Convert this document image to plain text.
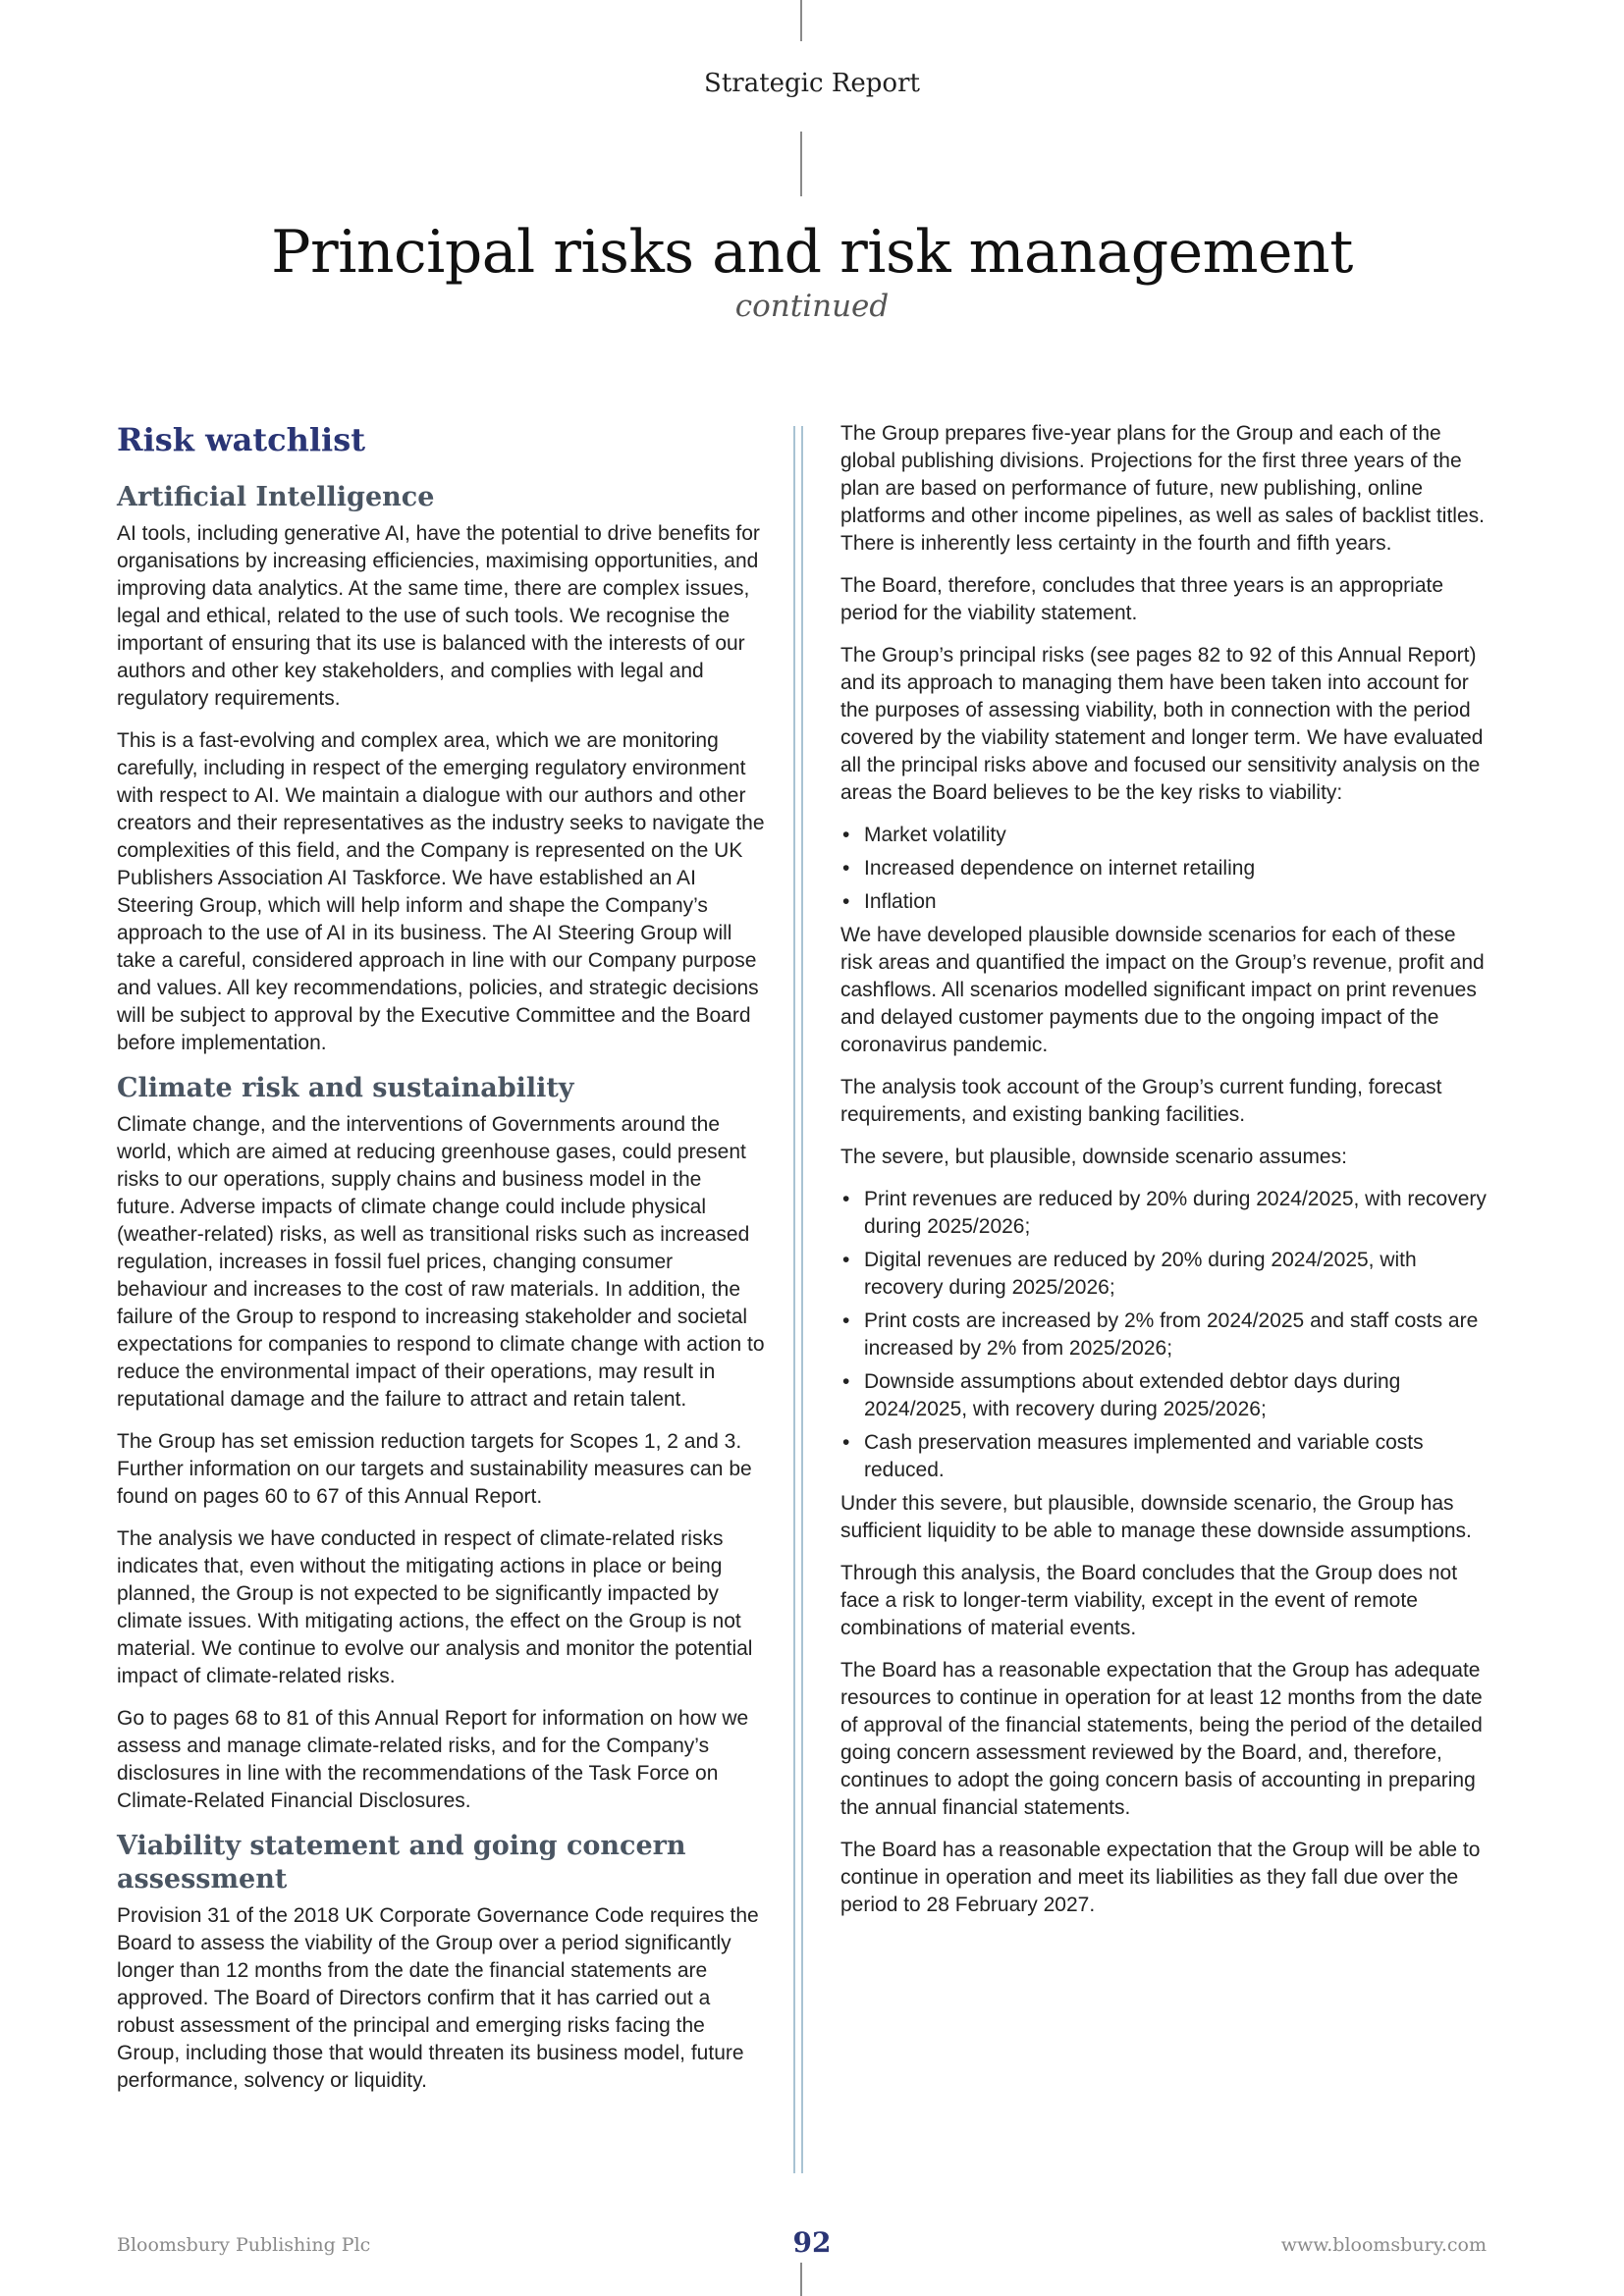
Strategic Report
Principal risks and risk management
continued
Risk watchlist
Artificial Intelligence

AI tools, including generative AI, have the potential to drive benefits for organisations by increasing efficiencies, maximising opportunities, and improving data analytics. At the same time, there are complex issues, legal and ethical, related to the use of such tools. We recognise the important of ensuring that its use is balanced with the interests of our authors and other key stakeholders, and complies with legal and regulatory requirements.

This is a fast-evolving and complex area, which we are monitoring carefully, including in respect of the emerging regulatory environment with respect to AI. We maintain a dialogue with our authors and other creators and their representatives as the industry seeks to navigate the complexities of this field, and the Company is represented on the UK Publishers Association AI Taskforce. We have established an AI Steering Group, which will help inform and shape the Company’s approach to the use of AI in its business. The AI Steering Group will take a careful, considered approach in line with our Company purpose and values. All key recommendations, policies, and strategic decisions will be subject to approval by the Executive Committee and the Board before implementation.

Climate risk and sustainability

Climate change, and the interventions of Governments around the world, which are aimed at reducing greenhouse gases, could present risks to our operations, supply chains and business model in the future. Adverse impacts of climate change could include physical (weather-related) risks, as well as transitional risks such as increased regulation, increases in fossil fuel prices, changing consumer behaviour and increases to the cost of raw materials. In addition, the failure of the Group to respond to increasing stakeholder and societal expectations for companies to respond to climate change with action to reduce the environmental impact of their operations, may result in reputational damage and the failure to attract and retain talent.

The Group has set emission reduction targets for Scopes 1, 2 and 3. Further information on our targets and sustainability measures can be found on pages 60 to 67 of this Annual Report.

The analysis we have conducted in respect of climate-related risks indicates that, even without the mitigating actions in place or being planned, the Group is not expected to be significantly impacted by climate issues. With mitigating actions, the effect on the Group is not material. We continue to evolve our analysis and monitor the potential impact of climate-related risks.

Go to pages 68 to 81 of this Annual Report for information on how we assess and manage climate-related risks, and for the Company’s disclosures in line with the recommendations of the Task Force on Climate-Related Financial Disclosures.

Viability statement and going concern assessment

Provision 31 of the 2018 UK Corporate Governance Code requires the Board to assess the viability of the Group over a period significantly longer than 12 months from the date the financial statements are approved. The Board of Directors confirm that it has carried out a robust assessment of the principal and emerging risks facing the Group, including those that would threaten its business model, future performance, solvency or liquidity.

The Group prepares five-year plans for the Group and each of the global publishing divisions. Projections for the first three years of the plan are based on performance of future, new publishing, online platforms and other income pipelines, as well as sales of backlist titles. There is inherently less certainty in the fourth and fifth years.

The Board, therefore, concludes that three years is an appropriate period for the viability statement.

The Group’s principal risks (see pages 82 to 92 of this Annual Report) and its approach to managing them have been taken into account for the purposes of assessing viability, both in connection with the period covered by the viability statement and longer term. We have evaluated all the principal risks above and focused our sensitivity analysis on the areas the Board believes to be the key risks to viability:

• Market volatility
• Increased dependence on internet retailing
• Inflation

We have developed plausible downside scenarios for each of these risk areas and quantified the impact on the Group’s revenue, profit and cashflows. All scenarios modelled significant impact on print revenues and delayed customer payments due to the ongoing impact of the coronavirus pandemic.

The analysis took account of the Group’s current funding, forecast requirements, and existing banking facilities.

The severe, but plausible, downside scenario assumes:

• Print revenues are reduced by 20% during 2024/2025, with recovery during 2025/2026;
• Digital revenues are reduced by 20% during 2024/2025, with recovery during 2025/2026;
• Print costs are increased by 2% from 2024/2025 and staff costs are increased by 2% from 2025/2026;
• Downside assumptions about extended debtor days during 2024/2025, with recovery during 2025/2026;
• Cash preservation measures implemented and variable costs reduced.

Under this severe, but plausible, downside scenario, the Group has sufficient liquidity to be able to manage these downside assumptions.

Through this analysis, the Board concludes that the Group does not face a risk to longer-term viability, except in the event of remote combinations of material events.

The Board has a reasonable expectation that the Group has adequate resources to continue in operation for at least 12 months from the date of approval of the financial statements, being the period of the detailed going concern assessment reviewed by the Board, and, therefore, continues to adopt the going concern basis of accounting in preparing the annual financial statements.

The Board has a reasonable expectation that the Group will be able to continue in operation and meet its liabilities as they fall due over the period to 28 February 2027.

Bloomsbury Publishing Plc	92	www.bloomsbury.com
